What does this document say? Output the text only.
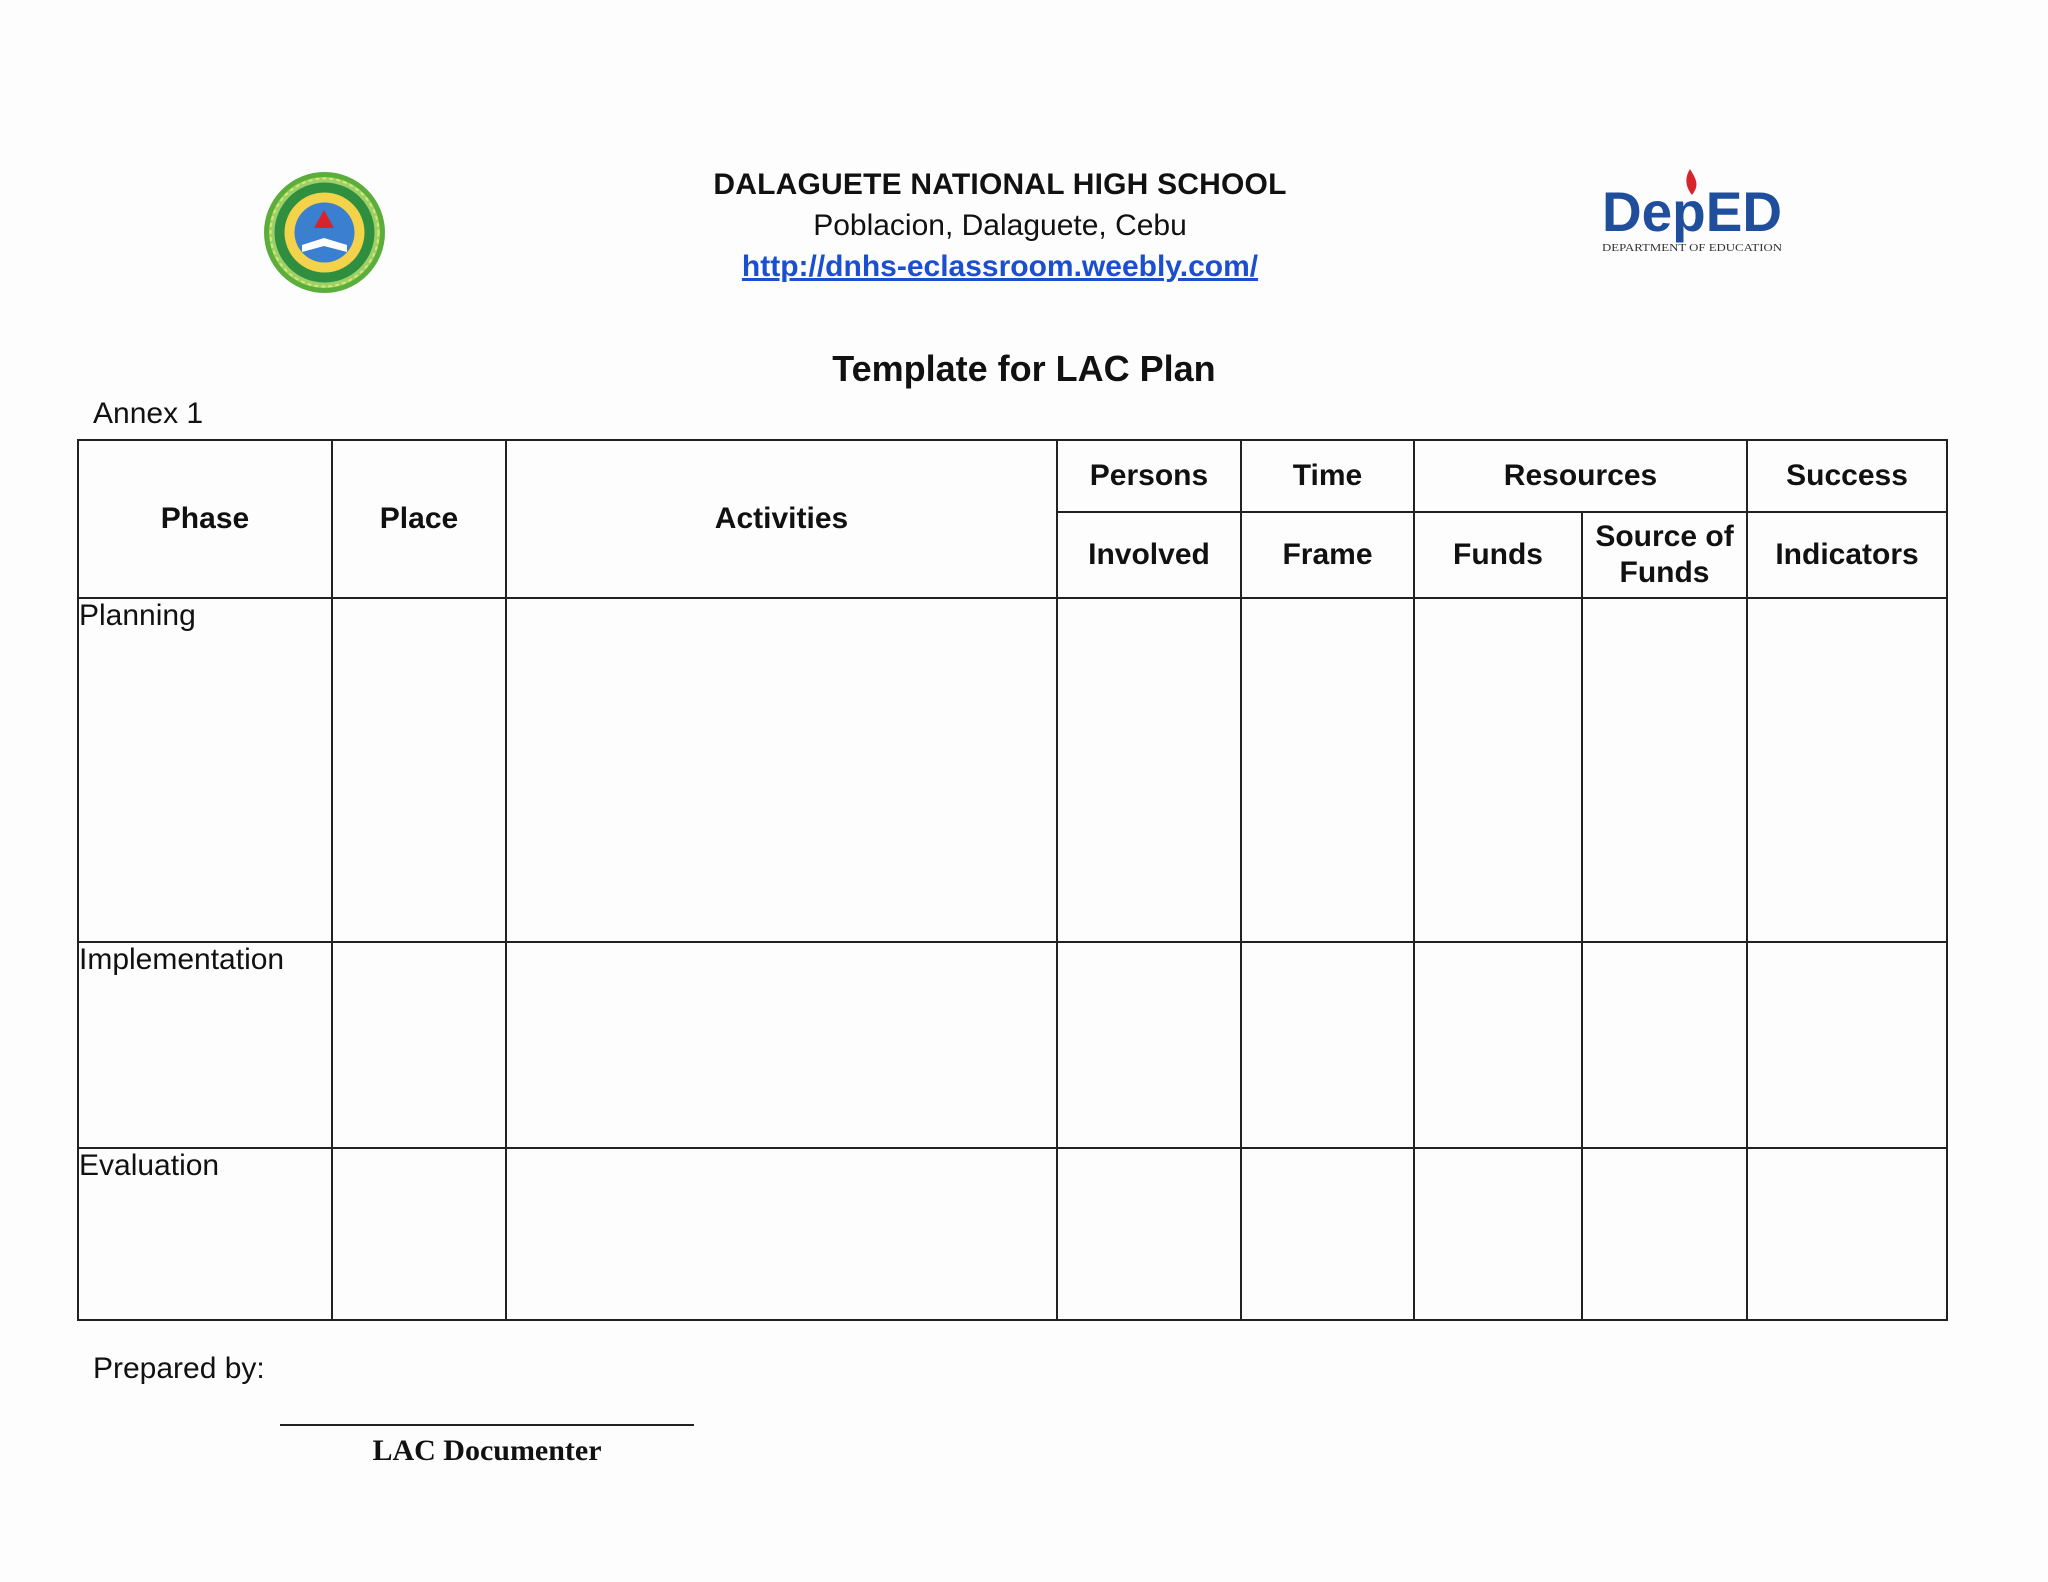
DALAGUETE NATIONAL HIGH SCHOOL
Poblacion, Dalaguete, Cebu
http://dnhs-eclassroom.weebly.com/
DepED
DEPARTMENT OF EDUCATION
Template for LAC Plan
Annex 1
Phase	Place	Activities	Persons	Time	Resources		Success
			Involved	Frame	Funds	Source of Funds	Indicators
Planning							
Implementation							
Evaluation							
Prepared by:
LAC Documenter
